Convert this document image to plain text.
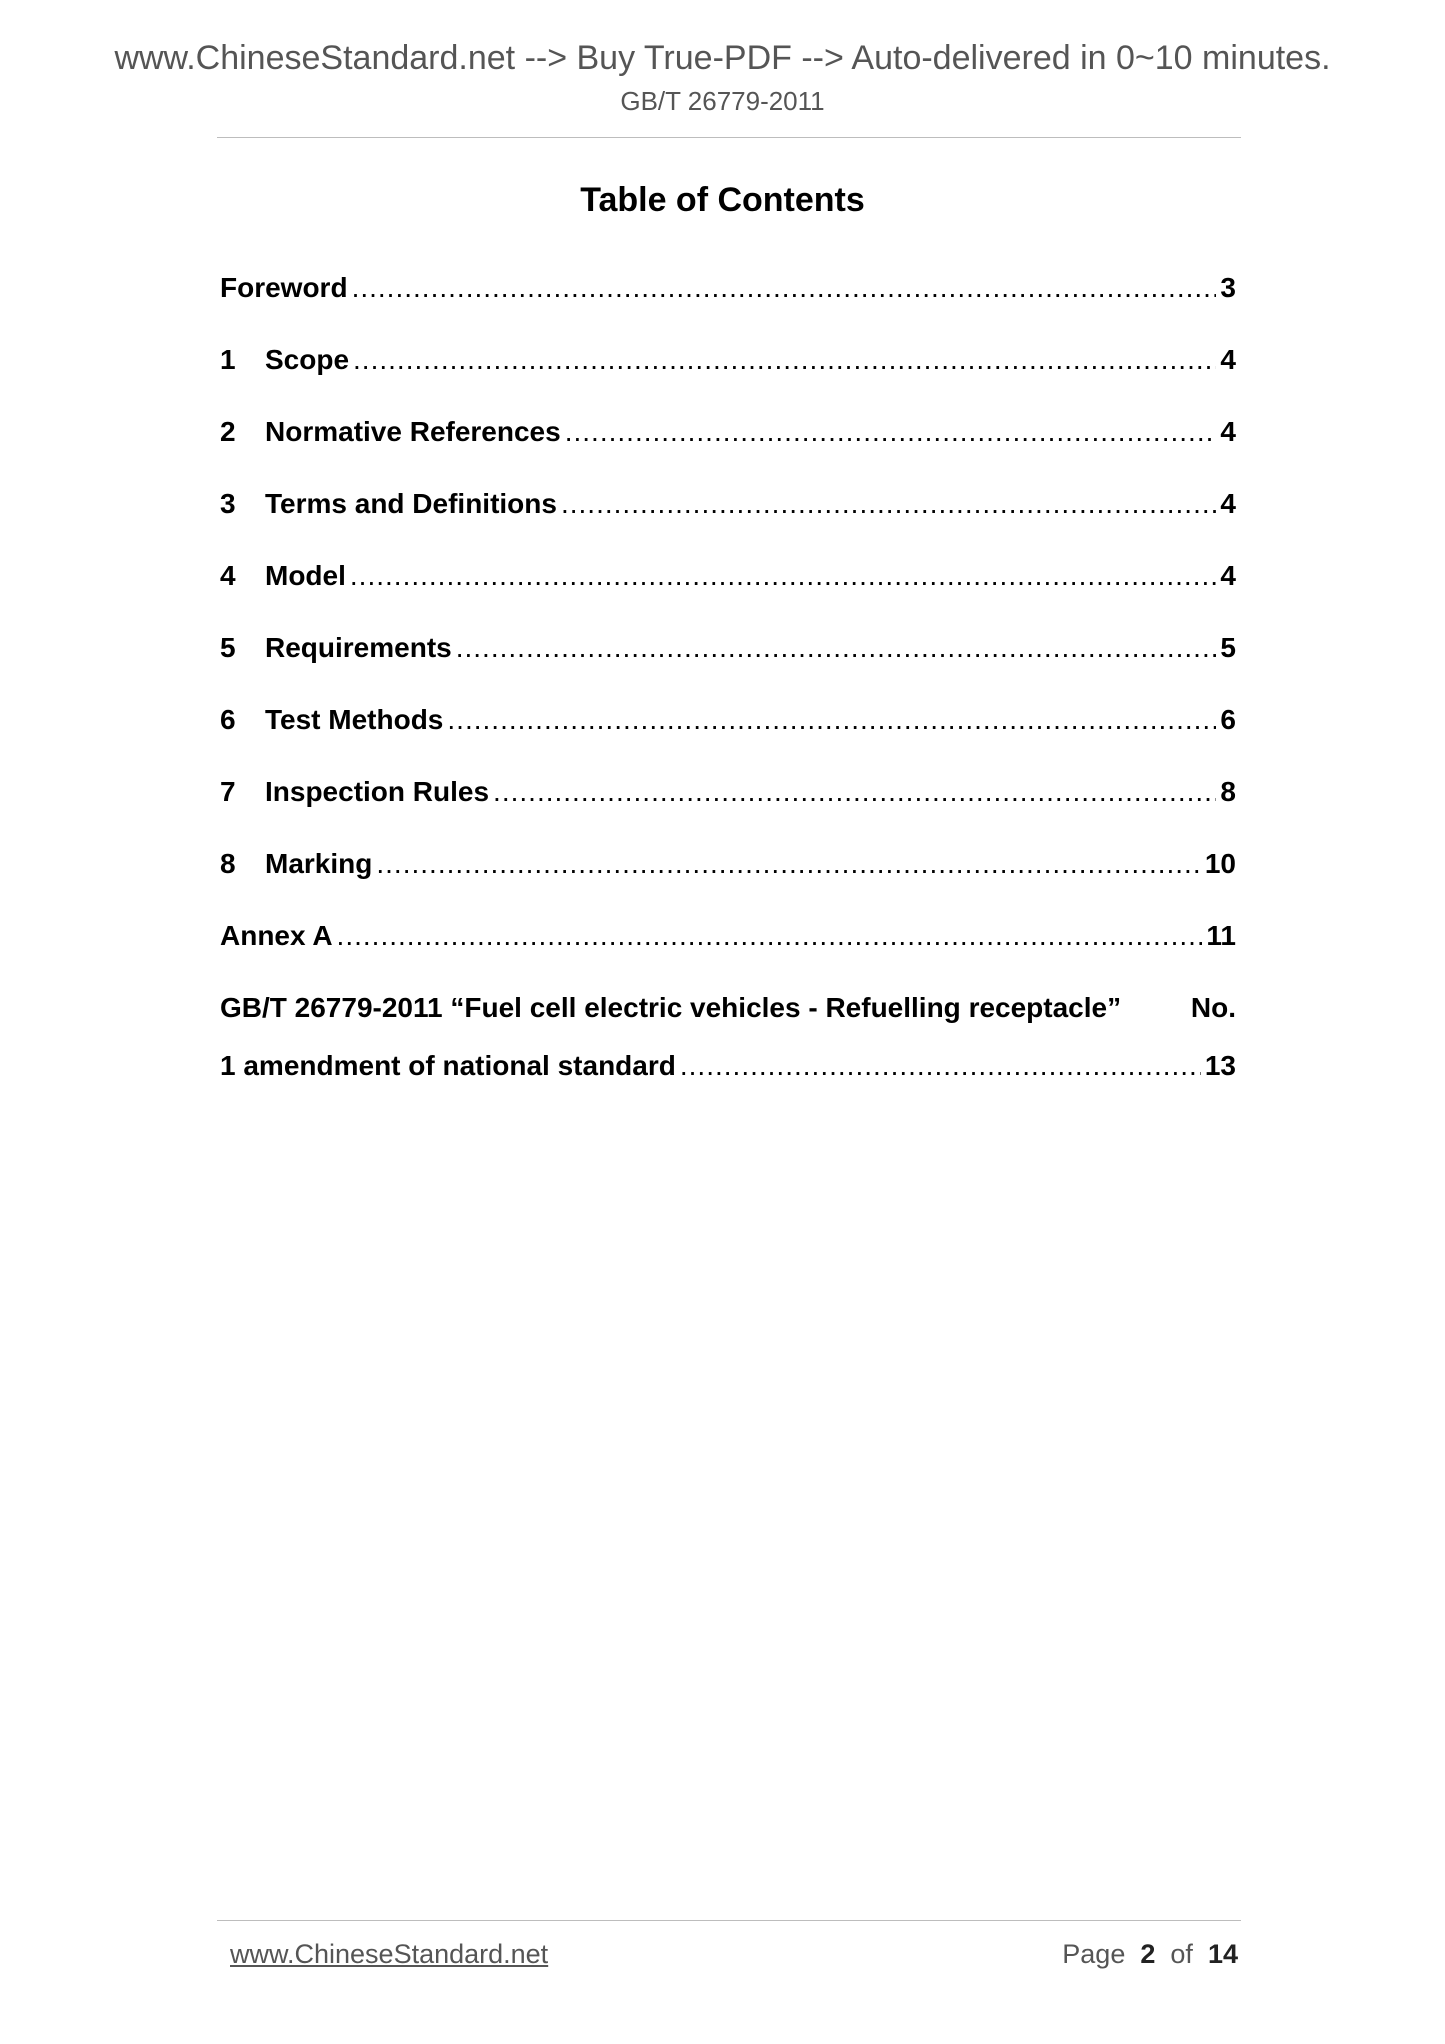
www.ChineseStandard.net --> Buy True-PDF --> Auto-delivered in 0~10 minutes.
GB/T 26779-2011
Table of Contents
Foreword .....	3
1	Scope .....	4
2	Normative References .....	4
3	Terms and Definitions .....	4
4	Model .....	4
5	Requirements .....	5
6	Test Methods .....	6
7	Inspection Rules .....	8
8	Marking .....	10
Annex A .....	11
GB/T 26779-2011 “Fuel cell electric vehicles - Refuelling receptacle” No.
1 amendment of national standard .....	13
www.ChineseStandard.net	Page 2 of 14
